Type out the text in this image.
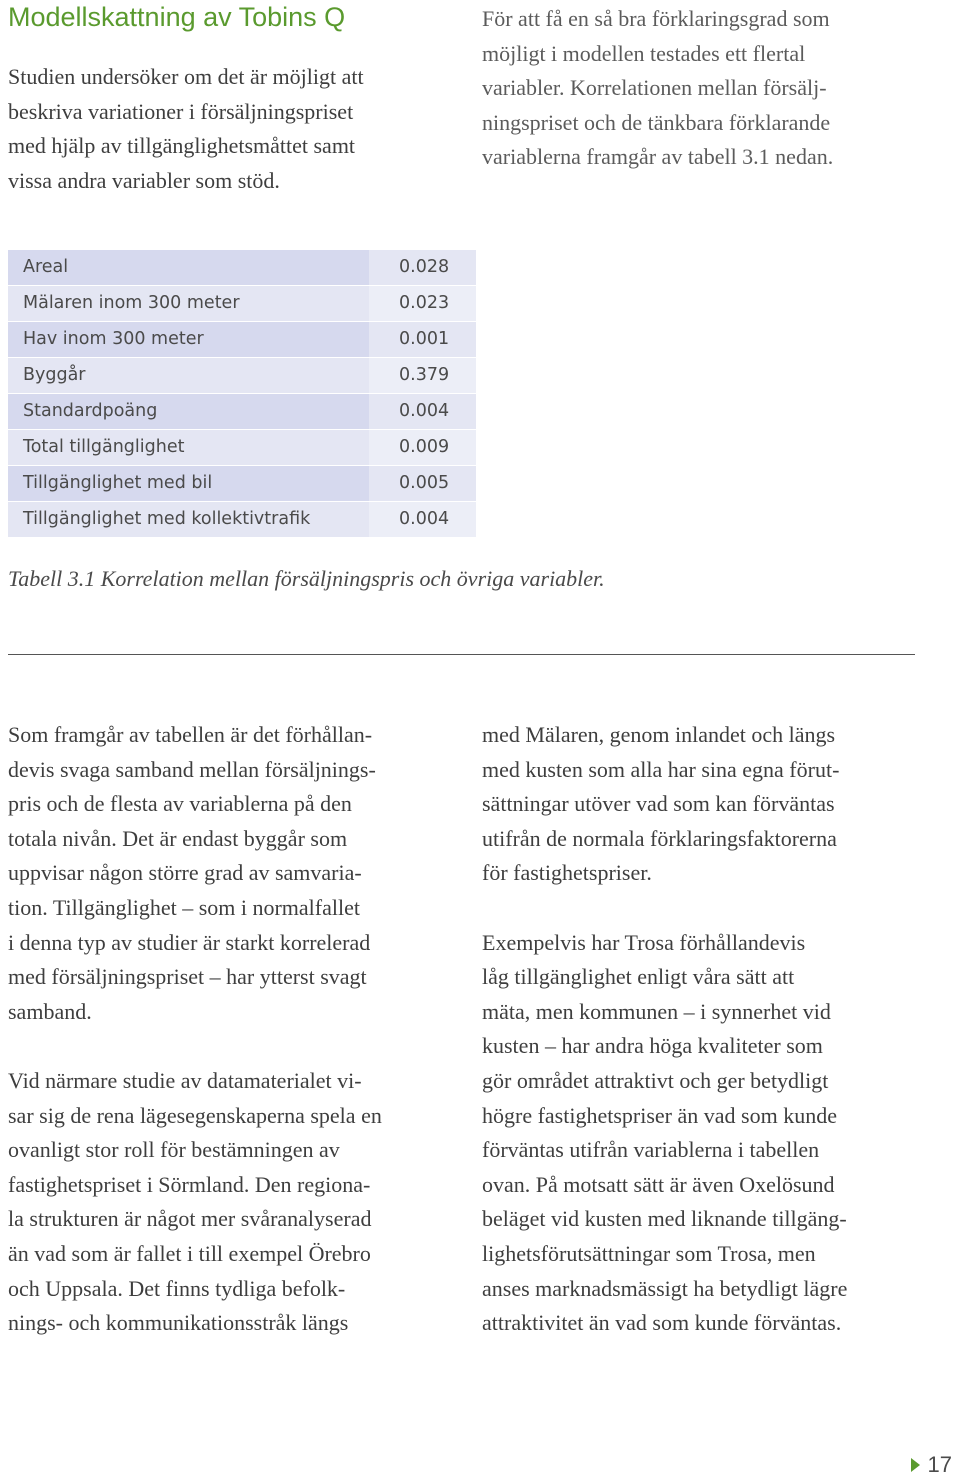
Modellskattning av Tobins Q

Studien undersöker om det är möjligt att
beskriva variationer i försäljningspriset
med hjälp av tillgänglighetsmåttet samt
vissa andra variabler som stöd.

För att få en så bra förklaringsgrad som
möjligt i modellen testades ett flertal
variabler. Korrelationen mellan försälj-
ningspriset och de tänkbara förklarande
variablerna framgår av tabell 3.1 nedan.

Areal	0.028
Mälaren inom 300 meter	0.023
Hav inom 300 meter	0.001
Byggår	0.379
Standardpoäng	0.004
Total tillgänglighet	0.009
Tillgänglighet med bil	0.005
Tillgänglighet med kollektivtrafik	0.004

Tabell 3.1 Korrelation mellan försäljningspris och övriga variabler.

Som framgår av tabellen är det förhållan-
devis svaga samband mellan försäljnings-
pris och de flesta av variablerna på den
totala nivån. Det är endast byggår som
uppvisar någon större grad av samvaria-
tion. Tillgänglighet – som i normalfallet
i denna typ av studier är starkt korrelerad
med försäljningspriset – har ytterst svagt
samband.

Vid närmare studie av datamaterialet vi-
sar sig de rena lägesegenskaperna spela en
ovanligt stor roll för bestämningen av
fastighetspriset i Sörmland. Den regiona-
la strukturen är något mer svåranalyserad
än vad som är fallet i till exempel Örebro
och Uppsala. Det finns tydliga befolk-
nings- och kommunikationsstråk längs

med Mälaren, genom inlandet och längs
med kusten som alla har sina egna förut-
sättningar utöver vad som kan förväntas
utifrån de normala förklaringsfaktorerna
för fastighetspriser.

Exempelvis har Trosa förhållandevis
låg tillgänglighet enligt våra sätt att
mäta, men kommunen – i synnerhet vid
kusten – har andra höga kvaliteter som
gör området attraktivt och ger betydligt
högre fastighetspriser än vad som kunde
förväntas utifrån variablerna i tabellen
ovan. På motsatt sätt är även Oxelösund
beläget vid kusten med liknande tillgäng-
lighetsförutsättningar som Trosa, men
anses marknadsmässigt ha betydligt lägre
attraktivitet än vad som kunde förväntas.

17
